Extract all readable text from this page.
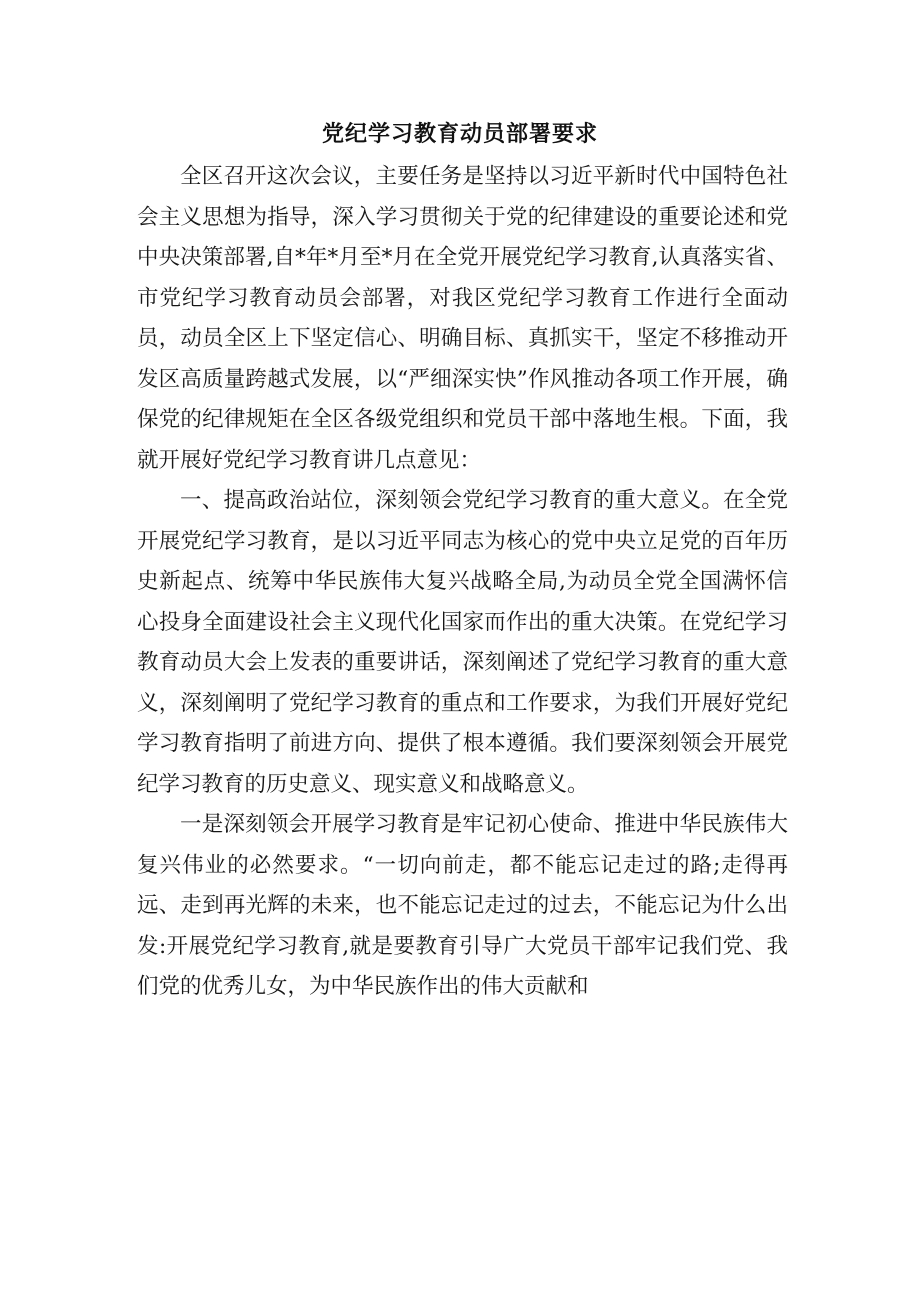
党纪学习教育动员部署要求

全区召开这次会议，主要任务是坚持以习近平新时代中国特色社会主义思想为指导，深入学习贯彻关于党的纪律建设的重要论述和党中央决策部署,自*年*月至*月在全党开展党纪学习教育,认真落实省、市党纪学习教育动员会部署，对我区党纪学习教育工作进行全面动员，动员全区上下坚定信心、明确目标、真抓实干，坚定不移推动开发区高质量跨越式发展，以“严细深实快”作风推动各项工作开展，确保党的纪律规矩在全区各级党组织和党员干部中落地生根。下面，我就开展好党纪学习教育讲几点意见：

一、提高政治站位，深刻领会党纪学习教育的重大意义。在全党开展党纪学习教育，是以习近平同志为核心的党中央立足党的百年历史新起点、统筹中华民族伟大复兴战略全局,为动员全党全国满怀信心投身全面建设社会主义现代化国家而作出的重大决策。在党纪学习教育动员大会上发表的重要讲话，深刻阐述了党纪学习教育的重大意义，深刻阐明了党纪学习教育的重点和工作要求，为我们开展好党纪学习教育指明了前进方向、提供了根本遵循。我们要深刻领会开展党纪学习教育的历史意义、现实意义和战略意义。

一是深刻领会开展学习教育是牢记初心使命、推进中华民族伟大复兴伟业的必然要求。“一切向前走，都不能忘记走过的路;走得再远、走到再光辉的未来，也不能忘记走过的过去，不能忘记为什么出发:开展党纪学习教育,就是要教育引导广大党员干部牢记我们党、我们党的优秀儿女，为中华民族作出的伟大贡献和
